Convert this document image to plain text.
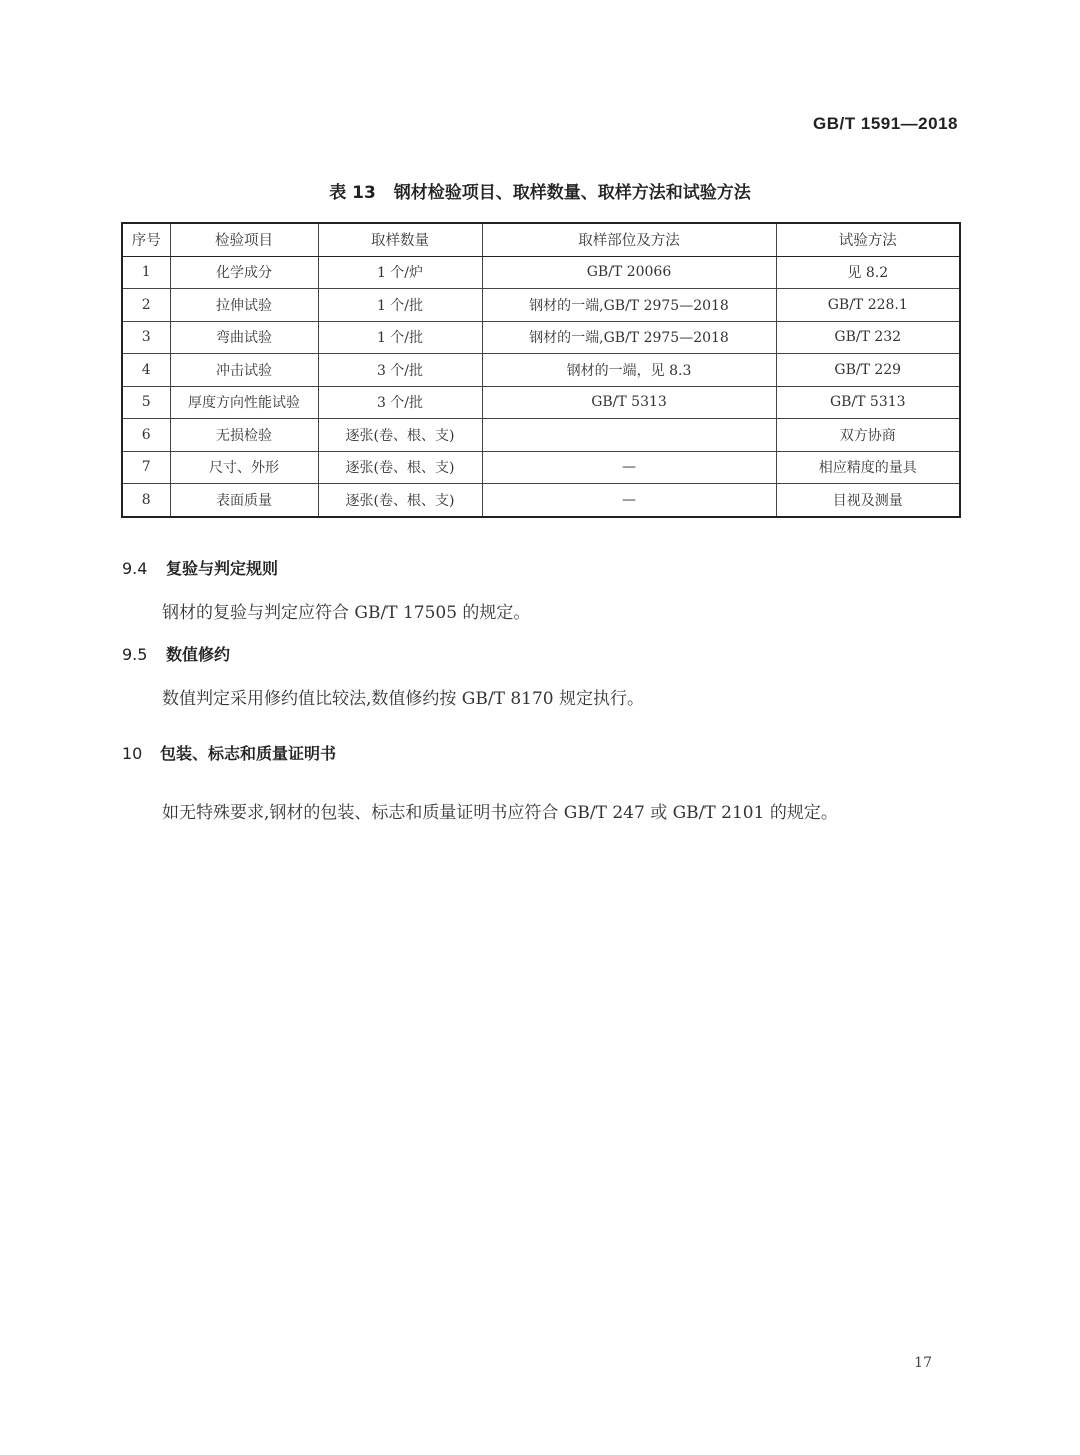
GB/T 1591—2018
表 13 钢材检验项目、取样数量、取样方法和试验方法
序号	检验项目	取样数量	取样部位及方法	试验方法
1	化学成分	1 个/炉	GB/T 20066	见 8.2
2	拉伸试验	1 个/批	钢材的一端,GB/T 2975—2018	GB/T 228.1
3	弯曲试验	1 个/批	钢材的一端,GB/T 2975—2018	GB/T 232
4	冲击试验	3 个/批	钢材的一端，见 8.3	GB/T 229
5	厚度方向性能试验	3 个/批	GB/T 5313	GB/T 5313
6	无损检验	逐张(卷、根、支)		双方协商
7	尺寸、外形	逐张(卷、根、支)	—	相应精度的量具
8	表面质量	逐张(卷、根、支)	—	目视及测量
9.4 复验与判定规则
钢材的复验与判定应符合 GB/T 17505 的规定。
9.5 数值修约
数值判定采用修约值比较法,数值修约按 GB/T 8170 规定执行。
10 包装、标志和质量证明书
如无特殊要求,钢材的包装、标志和质量证明书应符合 GB/T 247 或 GB/T 2101 的规定。
17
